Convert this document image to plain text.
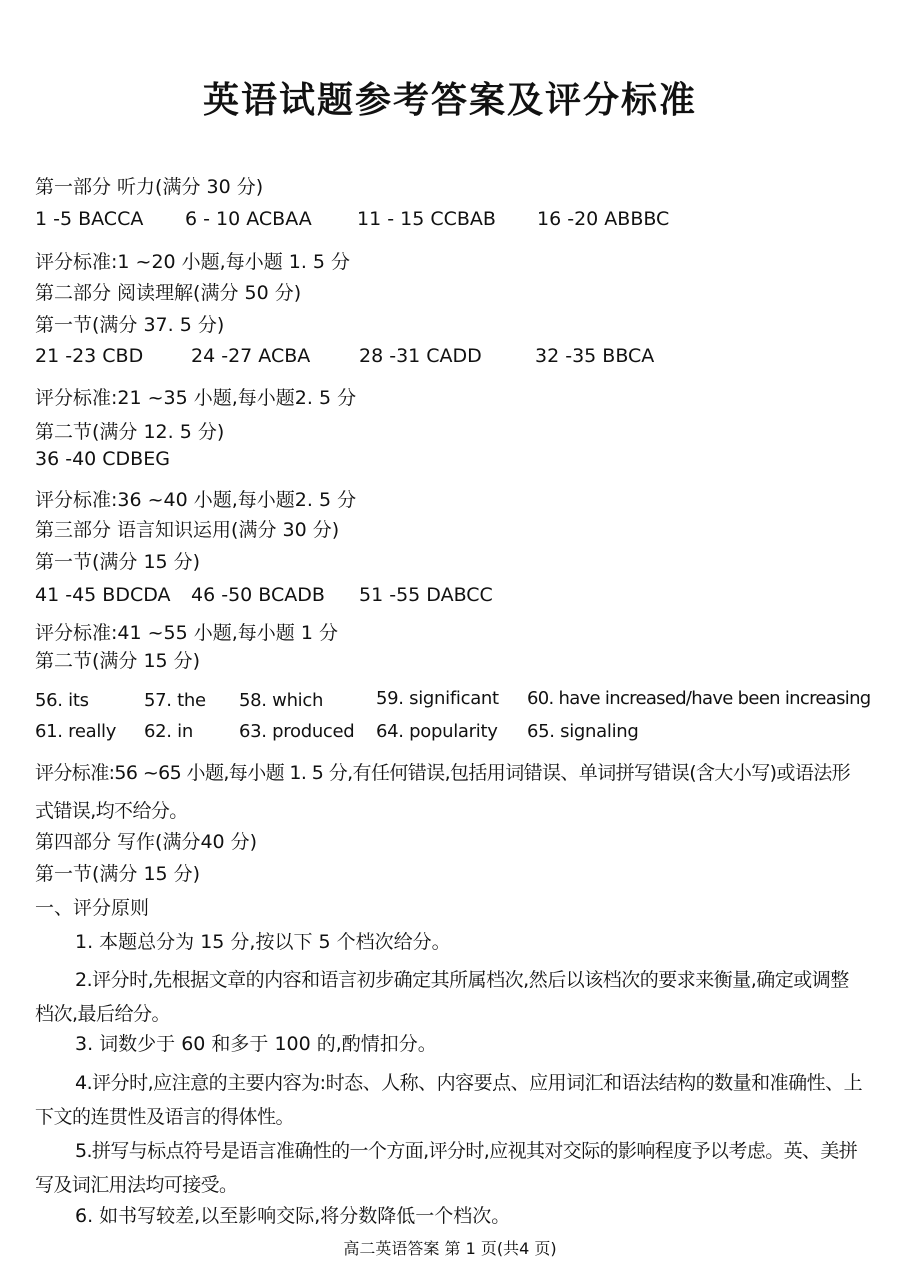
英语试题参考答案及评分标准
第一部分 听力(满分 30 分)
1 -5 BACCA 6 - 10 ACBAA 11 - 15 CCBAB 16 -20 ABBBC
评分标准:1 ~20 小题,每小题 1. 5 分
第二部分 阅读理解(满分 50 分)
第一节(满分 37. 5 分)
21 -23 CBD	24 -27 ACBA	28 -31 CADD	32 -35 BBCA
评分标准:21 ~35 小题,每小题2. 5 分
第二节(满分 12. 5 分)
36 -40 CDBEG
评分标准:36 ~40 小题,每小题2. 5 分
第三部分 语言知识运用(满分 30 分)
第一节(满分 15 分)
41 -45 BDCDA 46 -50 BCADB 51 -55 DABCC
评分标准:41 ~55 小题,每小题 1 分
第二节(满分 15 分)
56. its	57. the 58. which	59. significant 60. have increased/have been increasing
61. really 62. in	63. produced 64. popularity 65. signaling
评分标准:56 ~65 小题,每小题 1. 5 分,有任何错误,包括用词错误、单词拼写错误(含大小写)或语法形式错误,均不给分。
第四部分 写作(满分40 分)
第一节(满分 15 分)
一、评分原则
1. 本题总分为 15 分,按以下 5 个档次给分。
2.评分时,先根据文章的内容和语言初步确定其所属档次,然后以该档次的要求来衡量,确定或调整档次,最后给分。
3. 词数少于 60 和多于 100 的,酌情扣分。
4.评分时,应注意的主要内容为:时态、人称、内容要点、应用词汇和语法结构的数量和准确性、上下文的连贯性及语言的得体性。
5.拼写与标点符号是语言准确性的一个方面,评分时,应视其对交际的影响程度予以考虑。英、美拼写及词汇用法均可接受。
6. 如书写较差,以至影响交际,将分数降低一个档次。
高二英语答案 第 1 页(共4 页)
